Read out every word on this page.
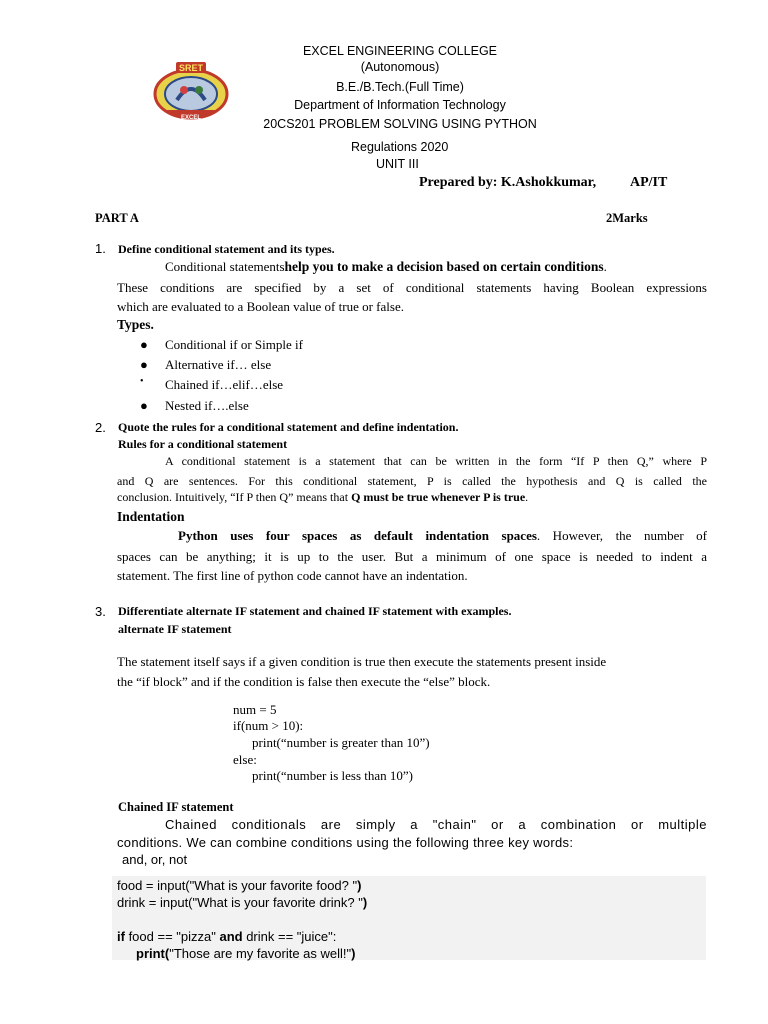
SRET
EXCEL
EXCEL ENGINEERING COLLEGE
(Autonomous)
B.E./B.Tech.(Full Time)
Department of Information Technology
20CS201 PROBLEM SOLVING USING PYTHON
Regulations 2020
UNIT III
Prepared by: K.Ashokkumar, AP/IT
PART A	2Marks
1. Define conditional statement and its types.
Conditional statementshelp you to make a decision based on certain conditions.
These conditions are specified by a set of conditional statements having Boolean expressions
which are evaluated to a Boolean value of true or false.
Types.
● Conditional if or Simple if
● Alternative if… else
• Chained if…elif…else
● Nested if….else
2. Quote the rules for a conditional statement and define indentation.
Rules for a conditional statement
A conditional statement is a statement that can be written in the form “If P then Q,” where P
and Q are sentences. For this conditional statement, P is called the hypothesis and Q is called the
conclusion. Intuitively, “If P then Q” means that Q must be true whenever P is true.
Indentation
Python uses four spaces as default indentation spaces. However, the number of
spaces can be anything; it is up to the user. But a minimum of one space is needed to indent a
statement. The first line of python code cannot have an indentation.
3. Differentiate alternate IF statement and chained IF statement with examples.
alternate IF statement
The statement itself says if a given condition is true then execute the statements present inside
the “if block” and if the condition is false then execute the “else” block.
num = 5
if(num > 10):
print(“number is greater than 10”)
else:
print(“number is less than 10”)
Chained IF statement
Chained conditionals are simply a "chain" or a combination or multiple
conditions. We can combine conditions using the following three key words:
and, or, not
food = input("What is your favorite food? ")
drink = input("What is your favorite drink? ")
if food == "pizza" and drink == "juice":
print("Those are my favorite as well!")
